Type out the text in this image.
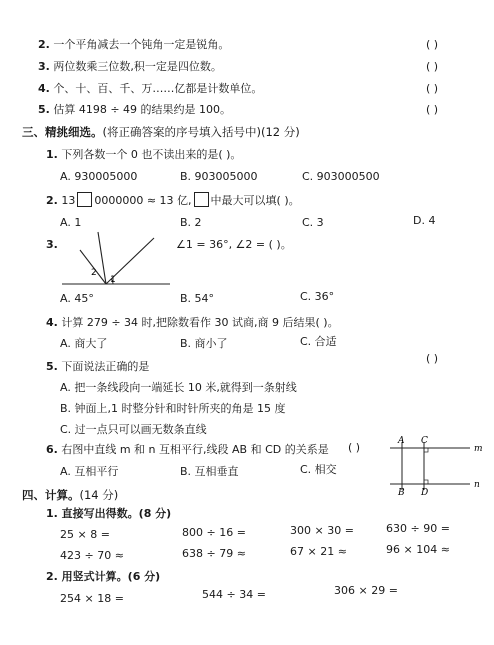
2. 一个平角减去一个钝角一定是锐角。	( )
3. 两位数乘三位数,积一定是四位数。	( )
4. 个、十、百、千、万……亿都是计数单位。	( )
5. 估算 4198 ÷ 49 的结果约是 100。	( )
三、精挑细选。(将正确答案的序号填入括号中)(12 分)
1. 下列各数一个 0 也不读出来的是( )。
A. 930005000	B. 903005000	C. 903000500
2. 13 0000000 ≈ 13 亿, 中最大可以填( )。
A. 1	B. 2	C. 3	D. 4
3.
1
2
∠1 = 36°, ∠2 = ( )。
A. 45°	B. 54°	C. 36°
4. 计算 279 ÷ 34 时,把除数看作 30 试商,商 9 后结果( )。
A. 商大了	B. 商小了	C. 合适
5. 下面说法正确的是
( )
A. 把一条线段向一端延长 10 米,就得到一条射线
B. 钟面上,1 时整分针和时针所夹的角是 15 度
C. 过一点只可以画无数条直线
6. 右图中直线 m 和 n 互相平行,线段 AB 和 CD 的关系是 ( )
A. 互相平行	B. 互相垂直	C. 相交
A C
B D
m
n
四、计算。(14 分)
1. 直接写出得数。(8 分)
25 × 8 =	800 ÷ 16 =	300 × 30 =	630 ÷ 90 =
423 ÷ 70 ≈	638 ÷ 79 ≈	67 × 21 ≈	96 × 104 ≈
2. 用竖式计算。(6 分)
254 × 18 =	544 ÷ 34 =	306 × 29 =
